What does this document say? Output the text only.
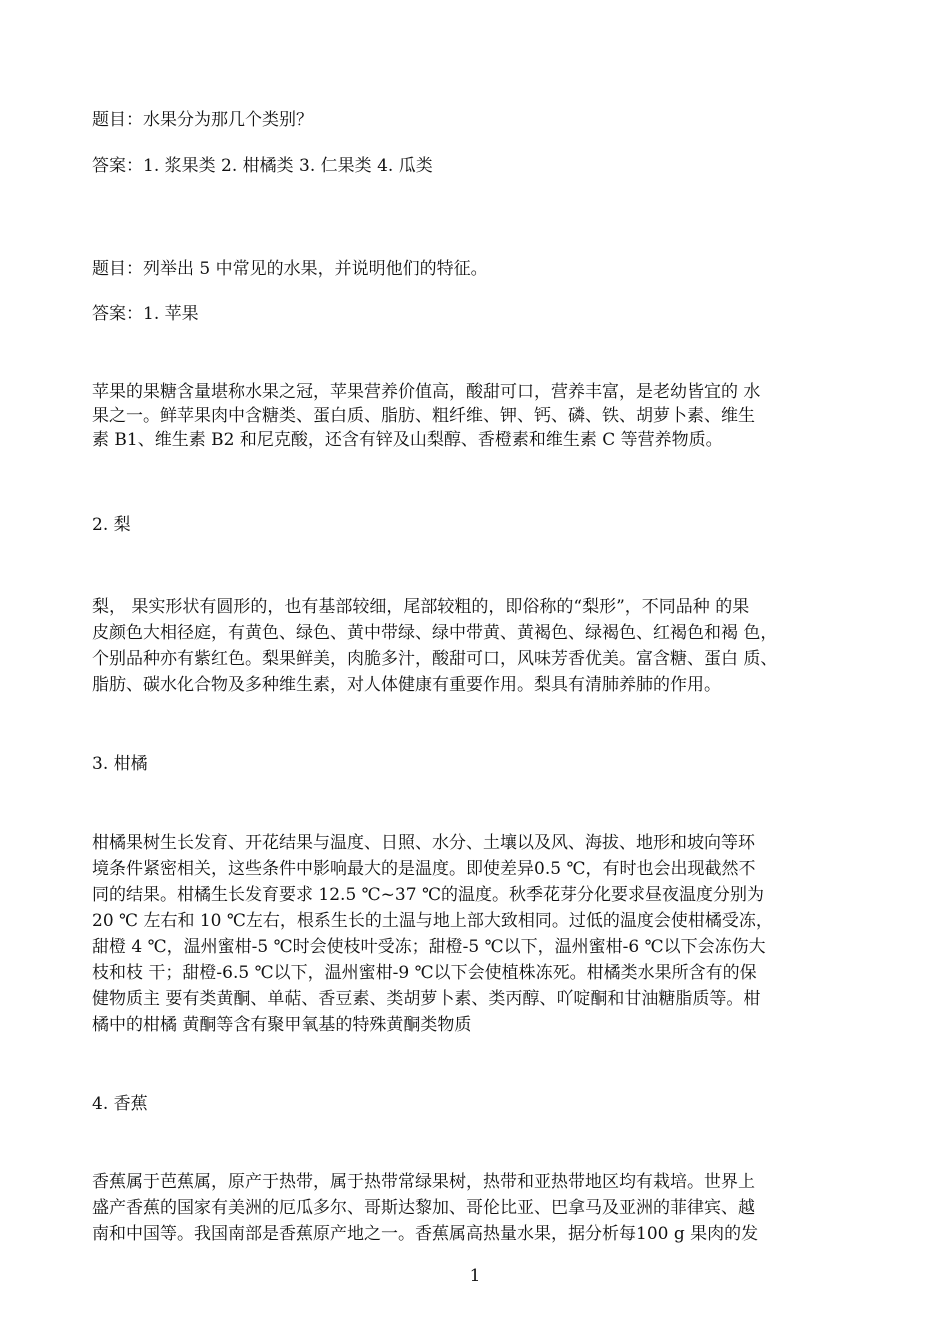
题目：水果分为那几个类别？
答案：1. 浆果类 2. 柑橘类 3. 仁果类 4. 瓜类
题目：列举出 5 中常见的水果，并说明他们的特征。
答案：1. 苹果
苹果的果糖含量堪称水果之冠，苹果营养价值高，酸甜可口，营养丰富，是老幼皆宜的 水
果之一。鲜苹果肉中含糖类、蛋白质、脂肪、粗纤维、钾、钙、磷、铁、胡萝卜素、维生
素 B1、维生素 B2 和尼克酸，还含有锌及山梨醇、香橙素和维生素 C 等营养物质。
2. 梨
梨， 果实形状有圆形的，也有基部较细，尾部较粗的，即俗称的“梨形”，不同品种 的果
皮颜色大相径庭，有黄色、绿色、黄中带绿、绿中带黄、黄褐色、绿褐色、红褐色和褐 色，
个别品种亦有紫红色。梨果鲜美，肉脆多汁，酸甜可口，风味芳香优美。富含糖、蛋白 质、
脂肪、碳水化合物及多种维生素，对人体健康有重要作用。梨具有清肺养肺的作用。
3. 柑橘
柑橘果树生长发育、开花结果与温度、日照、水分、土壤以及风、海拔、地形和坡向等环
境条件紧密相关，这些条件中影响最大的是温度。即使差异0.5 ℃，有时也会出现截然不
同的结果。柑橘生长发育要求 12.5 ℃~37 ℃的温度。秋季花芽分化要求昼夜温度分别为
20 ℃ 左右和 10 ℃左右，根系生长的土温与地上部大致相同。过低的温度会使柑橘受冻，
甜橙 4 ℃，温州蜜柑-5 ℃时会使枝叶受冻；甜橙-5 ℃以下，温州蜜柑-6 ℃以下会冻伤大
枝和枝 干；甜橙-6.5 ℃以下，温州蜜柑-9 ℃以下会使植株冻死。柑橘类水果所含有的保
健物质主 要有类黄酮、单萜、香豆素、类胡萝卜素、类丙醇、吖啶酮和甘油糖脂质等。柑
橘中的柑橘 黄酮等含有聚甲氧基的特殊黄酮类物质
4. 香蕉
香蕉属于芭蕉属，原产于热带，属于热带常绿果树，热带和亚热带地区均有栽培。世界上
盛产香蕉的国家有美洲的厄瓜多尔、哥斯达黎加、哥伦比亚、巴拿马及亚洲的菲律宾、越
南和中国等。我国南部是香蕉原产地之一。香蕉属高热量水果，据分析每100 g 果肉的发
1
